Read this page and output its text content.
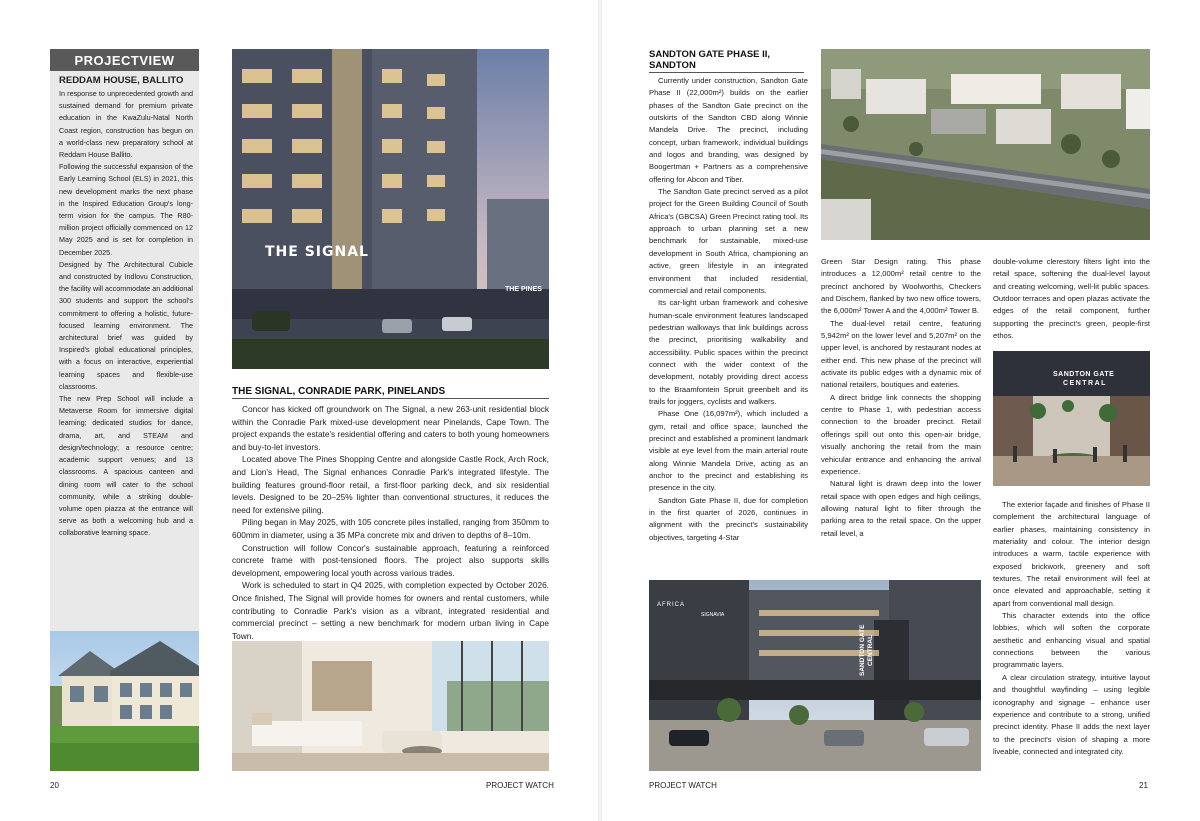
PROJECTVIEW
REDDAM HOUSE, BALLITO

In response to unprecedented growth and sustained demand for premium private education in the KwaZulu-Natal North Coast region, construction has begun on a world-class new preparatory school at Reddam House Ballito.

Following the successful expansion of the Early Learning School (ELS) in 2021, this new development marks the next phase in the Inspired Education Group's long-term vision for the campus. The R80-million project officially commenced on 12 May 2025 and is set for completion in December 2025.

Designed by The Architectural Cubicle and constructed by Indlovu Construction, the facility will accommodate an additional 300 students and support the school's commitment to offering a holistic, future-focused learning environment. The architectural brief was guided by Inspired's global educational principles, with a focus on interactive, experiential learning spaces and flexible-use classrooms.

The new Prep School will include a Metaverse Room for immersive digital learning; dedicated studios for dance, drama, art, and STEAM and design/technology; a resource centre; academic support venues; and 13 classrooms. A spacious canteen and dining room will cater to the school community, while a striking double-volume open piazza at the entrance will serve as both a welcoming hub and a collaborative learning space.

THE SIGNAL
THE PINES
THE SIGNAL, CONRADIE PARK, PINELANDS

Concor has kicked off groundwork on The Signal, a new 263-unit residential block within the Conradie Park mixed-use development near Pinelands, Cape Town. The project expands the estate's residential offering and caters to both young homeowners and buy-to-let investors.

Located above The Pines Shopping Centre and alongside Castle Rock, Arch Rock, and Lion's Head, The Signal enhances Conradie Park's integrated lifestyle. The building features ground-floor retail, a first-floor parking deck, and six residential levels. Designed to be 20–25% lighter than conventional structures, it reduces the need for extensive piling.

Piling began in May 2025, with 105 concrete piles installed, ranging from 350mm to 600mm in diameter, using a 35 MPa concrete mix and driven to depths of 8–10m.

Construction will follow Concor's sustainable approach, featuring a reinforced concrete frame with post-tensioned floors. The project also supports skills development, empowering local youth across various trades.

Work is scheduled to start in Q4 2025, with completion expected by October 2026. Once finished, The Signal will provide homes for owners and rental customers, while contributing to Conradie Park's vision as a vibrant, integrated residential and commercial precinct – setting a new benchmark for modern urban living in Cape Town.

20	PROJECT WATCH
SANDTON GATE PHASE II,
SANDTON

Currently under construction, Sandton Gate Phase II (22,000m²) builds on the earlier phases of the Sandton Gate precinct on the outskirts of the Sandton CBD along Winnie Mandela Drive. The precinct, including concept, urban framework, individual buildings and logos and branding, was designed by Boogertman + Partners as a comprehensive offering for Abcon and Tiber.

The Sandton Gate precinct served as a pilot project for the Green Building Council of South Africa's (GBCSA) Green Precinct rating tool. Its approach to urban planning set a new benchmark for sustainable, mixed-use development in South Africa, championing an active, green lifestyle in an integrated environment that included residential, commercial and retail components.

Its car-light urban framework and cohesive human-scale environment features landscaped pedestrian walkways that link buildings across the precinct, prioritising walkability and accessibility. Public spaces within the precinct connect with the wider context of the development, notably providing direct access to the Braamfontein Spruit greenbelt and its trails for joggers, cyclists and walkers.

Phase One (16,097m²), which included a gym, retail and office space, launched the precinct and established a prominent landmark visible at eye level from the main arterial route along Winnie Mandela Drive, acting as an anchor to the precinct and establishing its presence in the city.

Sandton Gate Phase II, due for completion in the first quarter of 2026, continues in alignment with the precinct's sustainability objectives, targeting 4-Star

Green Star Design rating. This phase introduces a 12,000m² retail centre to the precinct anchored by Woolworths, Checkers and Dischem, flanked by two new office towers, the 6,000m² Tower A and the 4,000m² Tower B.

The dual-level retail centre, featuring 5,942m² on the lower level and 5,207m² on the upper level, is anchored by restaurant nodes at either end. This new phase of the precinct will activate its public edges with a dynamic mix of national retailers, boutiques and eateries.

A direct bridge link connects the shopping centre to Phase 1, with pedestrian access connection to the broader precinct. Retail offerings spill out onto this open-air bridge, visually anchoring the retail from the main vehicular entrance and enhancing the arrival experience.

Natural light is drawn deep into the lower retail space with open edges and high ceilings, allowing natural light to filter through the parking area to the retail space. On the upper retail level, a

double-volume clerestory filters light into the retail space, softening the dual-level layout and creating welcoming, well-lit public spaces. Outdoor terraces and open plazas activate the edges of the retail component, further supporting the precinct's green, people-first ethos.

SANDTON GATE
CENTRAL

The exterior façade and finishes of Phase II complement the architectural language of earlier phases, maintaining consistency in materiality and colour. The interior design introduces a warm, tactile experience with exposed brickwork, greenery and soft textures. The retail environment will feel at once elevated and approachable, setting it apart from conventional mall design.

This character extends into the office lobbies, which will soften the corporate aesthetic and enhancing visual and spatial connections between the various programmatic layers.

A clear circulation strategy, intuitive layout and thoughtful wayfinding – using legible iconography and signage – enhance user experience and contribute to a strong, unified precinct identity. Phase II adds the next layer to the precinct's vision of shaping a more liveable, connected and integrated city.

SANDTON GATE CENTRAL
AFRICA
SIGNAVIA
PROJECT WATCH	21
